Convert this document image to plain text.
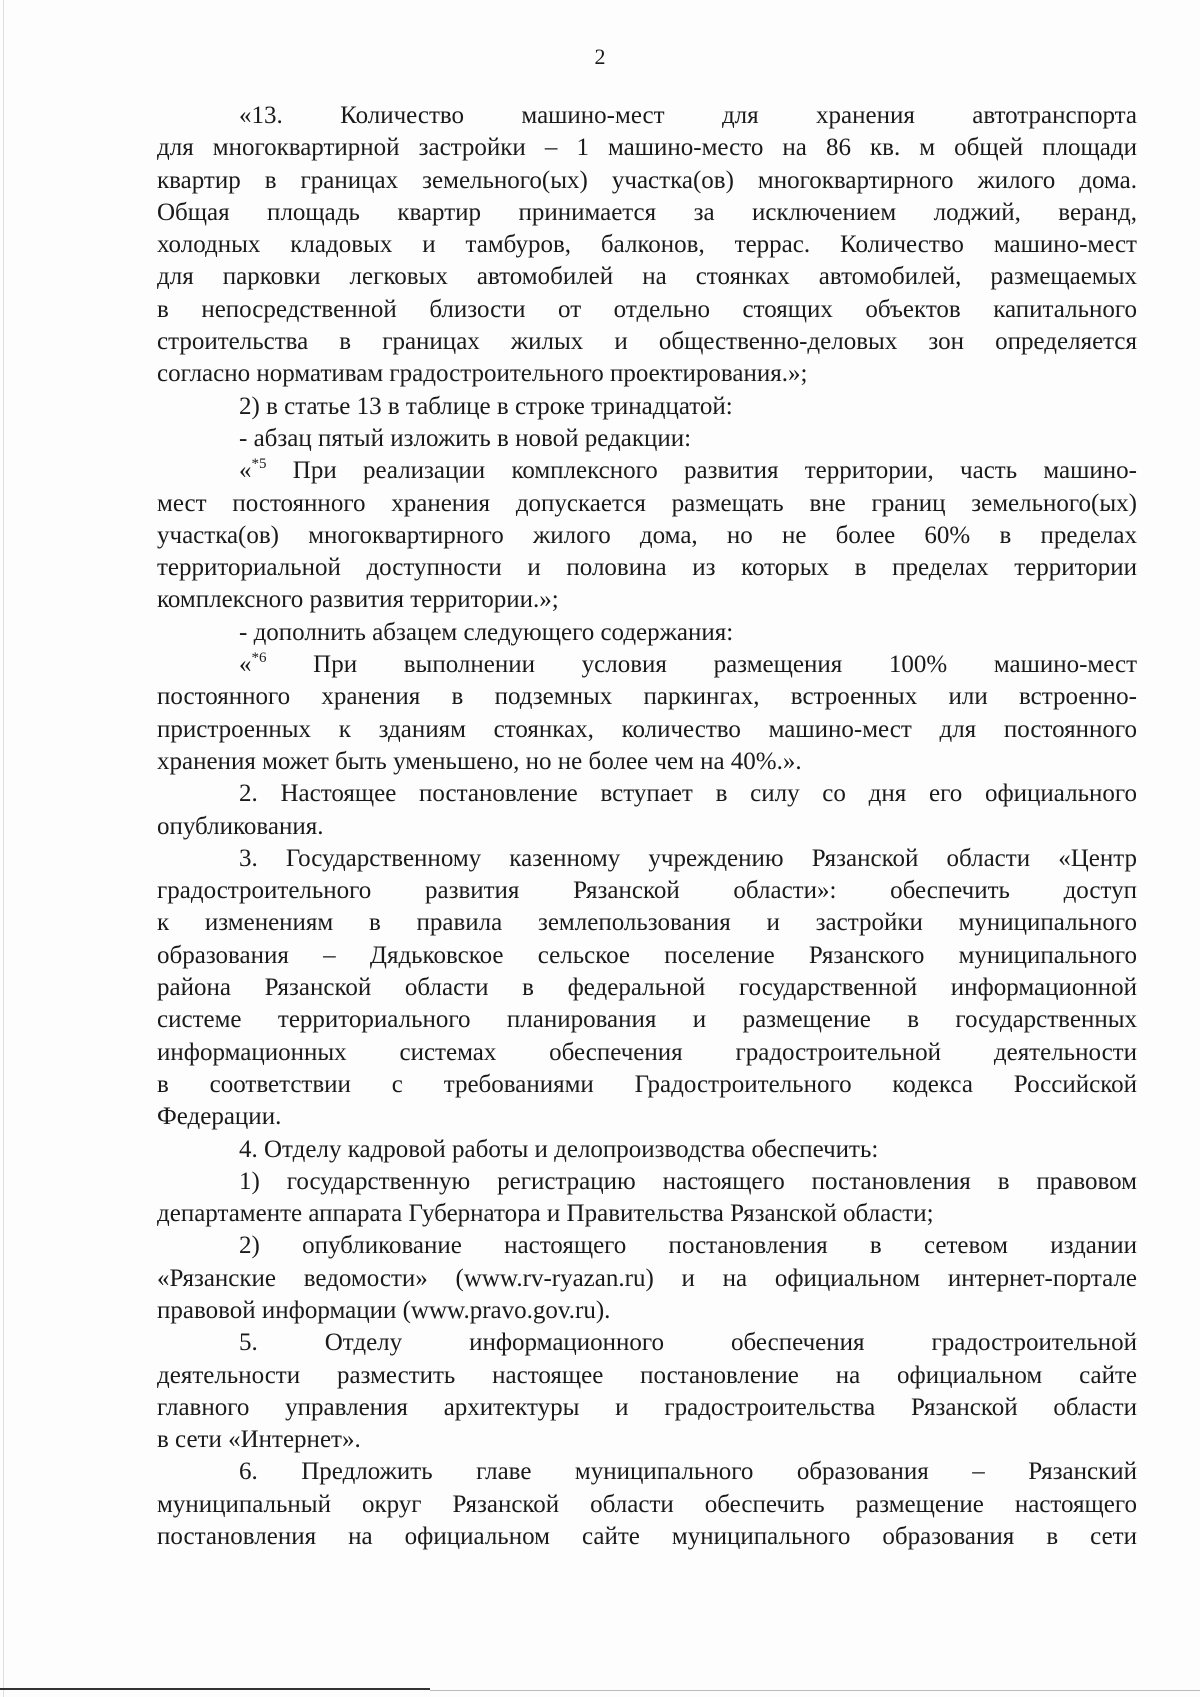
2
«13. Количество машино-мест для хранения автотранспорта
для многоквартирной застройки – 1 машино-место на 86 кв. м общей площади
квартир в границах земельного(ых) участка(ов) многоквартирного жилого дома.
Общая площадь квартир принимается за исключением лоджий, веранд,
холодных кладовых и тамбуров, балконов, террас. Количество машино-мест
для парковки легковых автомобилей на стоянках автомобилей, размещаемых
в непосредственной близости от отдельно стоящих объектов капитального
строительства в границах жилых и общественно-деловых зон определяется
согласно нормативам градостроительного проектирования.»;
2) в статье 13 в таблице в строке тринадцатой:
- абзац пятый изложить в новой редакции:
«$^{*5}$ При реализации комплексного развития территории, часть машино-
мест постоянного хранения допускается размещать вне границ земельного(ых)
участка(ов) многоквартирного жилого дома, но не более 60% в пределах
территориальной доступности и половина из которых в пределах территории
комплексного развития территории.»;
- дополнить абзацем следующего содержания:
«$^{*6}$ При выполнении условия размещения 100% машино-мест
постоянного хранения в подземных паркингах, встроенных или встроенно-
пристроенных к зданиям стоянках, количество машино-мест для постоянного
хранения может быть уменьшено, но не более чем на 40%.».
2. Настоящее постановление вступает в силу со дня его официального
опубликования.
3. Государственному казенному учреждению Рязанской области «Центр
градостроительного развития Рязанской области»: обеспечить доступ
к изменениям в правила землепользования и застройки муниципального
образования – Дядьковское сельское поселение Рязанского муниципального
района Рязанской области в федеральной государственной информационной
системе территориального планирования и размещение в государственных
информационных системах обеспечения градостроительной деятельности
в соответствии с требованиями Градостроительного кодекса Российской
Федерации.
4. Отделу кадровой работы и делопроизводства обеспечить:
1) государственную регистрацию настоящего постановления в правовом
департаменте аппарата Губернатора и Правительства Рязанской области;
2) опубликование настоящего постановления в сетевом издании
«Рязанские ведомости» (www.rv-ryazan.ru) и на официальном интернет-портале
правовой информации (www.pravo.gov.ru).
5. Отделу информационного обеспечения градостроительной
деятельности разместить настоящее постановление на официальном сайте
главного управления архитектуры и градостроительства Рязанской области
в сети «Интернет».
6. Предложить главе муниципального образования – Рязанский
муниципальный округ Рязанской области обеспечить размещение настоящего
постановления на официальном сайте муниципального образования в сети
